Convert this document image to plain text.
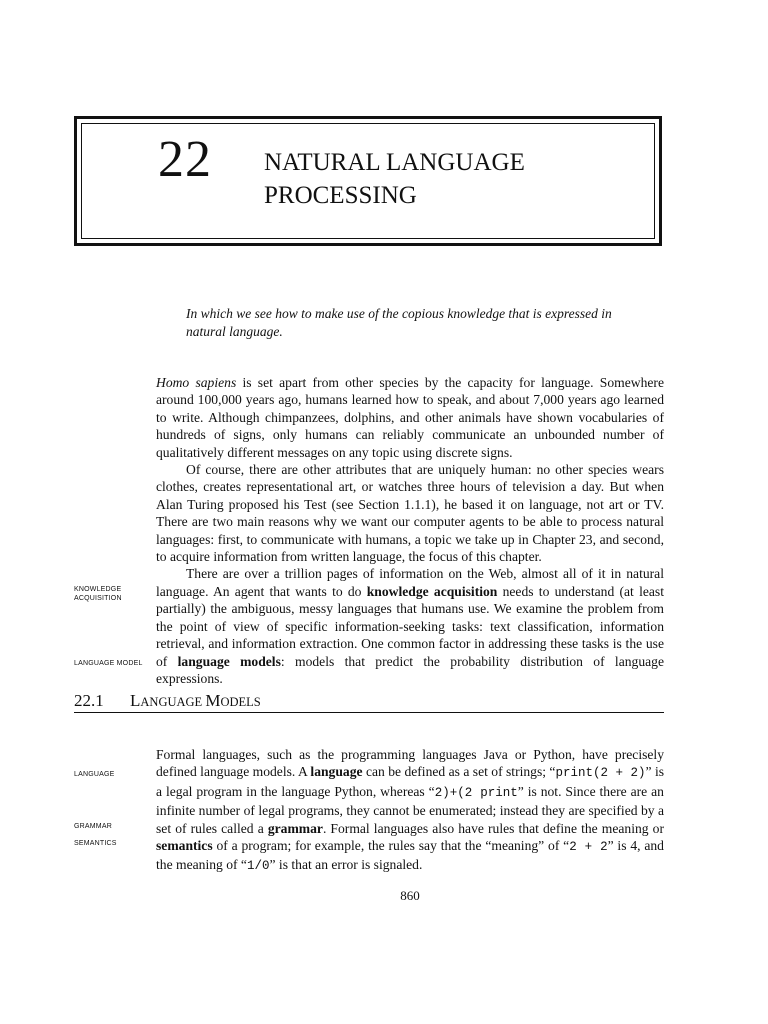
22 NATURAL LANGUAGE
PROCESSING
In which we see how to make use of the copious knowledge that is expressed in natural language.

Homo sapiens is set apart from other species by the capacity for language. Somewhere around 100,000 years ago, humans learned how to speak, and about 7,000 years ago learned to write. Although chimpanzees, dolphins, and other animals have shown vocabularies of hundreds of signs, only humans can reliably communicate an unbounded number of qualitatively different messages on any topic using discrete signs.

Of course, there are other attributes that are uniquely human: no other species wears clothes, creates representational art, or watches three hours of television a day. But when Alan Turing proposed his Test (see Section 1.1.1), he based it on language, not art or TV. There are two main reasons why we want our computer agents to be able to process natural languages: first, to communicate with humans, a topic we take up in Chapter 23, and second, to acquire information from written language, the focus of this chapter.

There are over a trillion pages of information on the Web, almost all of it in natural language. An agent that wants to do knowledge acquisition needs to understand (at least partially) the ambiguous, messy languages that humans use. We examine the problem from the point of view of specific information-seeking tasks: text classification, information retrieval, and information extraction. One common factor in addressing these tasks is the use of language models: models that predict the probability distribution of language expressions.

KNOWLEDGE
ACQUISITION
LANGUAGE MODEL
22.1 LANGUAGE MODELS

Formal languages, such as the programming languages Java or Python, have precisely defined language models. A language can be defined as a set of strings; “print(2 + 2)” is a legal program in the language Python, whereas “2)+(2 print” is not. Since there are an infinite number of legal programs, they cannot be enumerated; instead they are specified by a set of rules called a grammar. Formal languages also have rules that define the meaning or semantics of a program; for example, the rules say that the “meaning” of “2 + 2” is 4, and the meaning of “1/0” is that an error is signaled.

LANGUAGE
GRAMMAR
SEMANTICS
860
